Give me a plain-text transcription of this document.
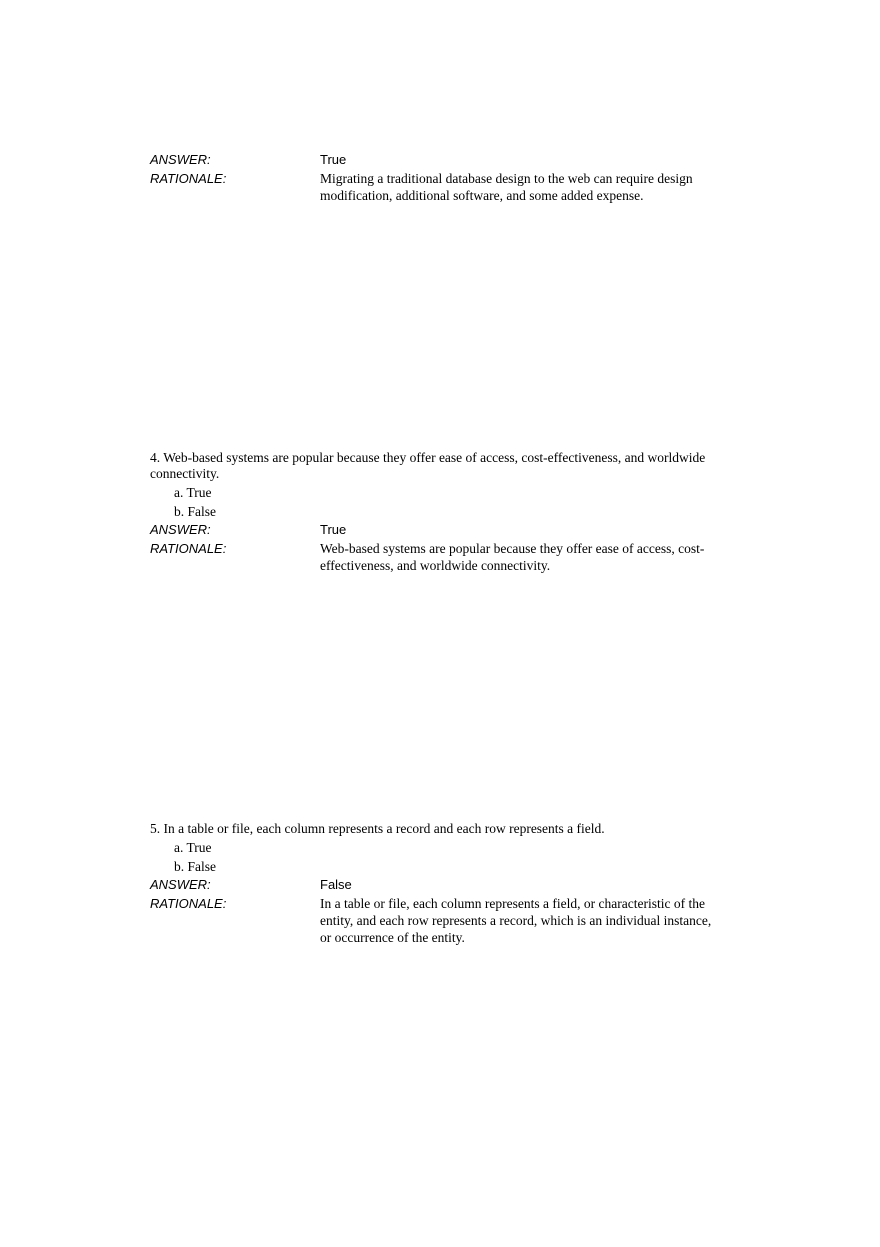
ANSWER:	True
RATIONALE:	Migrating a traditional database design to the web can require design modification, additional software, and some added expense.

4. Web-based systems are popular because they offer ease of access, cost-effectiveness, and worldwide connectivity.

a. True
b. False
ANSWER:	True
RATIONALE:	Web-based systems are popular because they offer ease of access, cost-effectiveness, and worldwide connectivity.

5. In a table or file, each column represents a record and each row represents a field.

a. True
b. False
ANSWER:	False
RATIONALE:	In a table or file, each column represents a field, or characteristic of the entity, and each row represents a record, which is an individual instance, or occurrence of the entity.
